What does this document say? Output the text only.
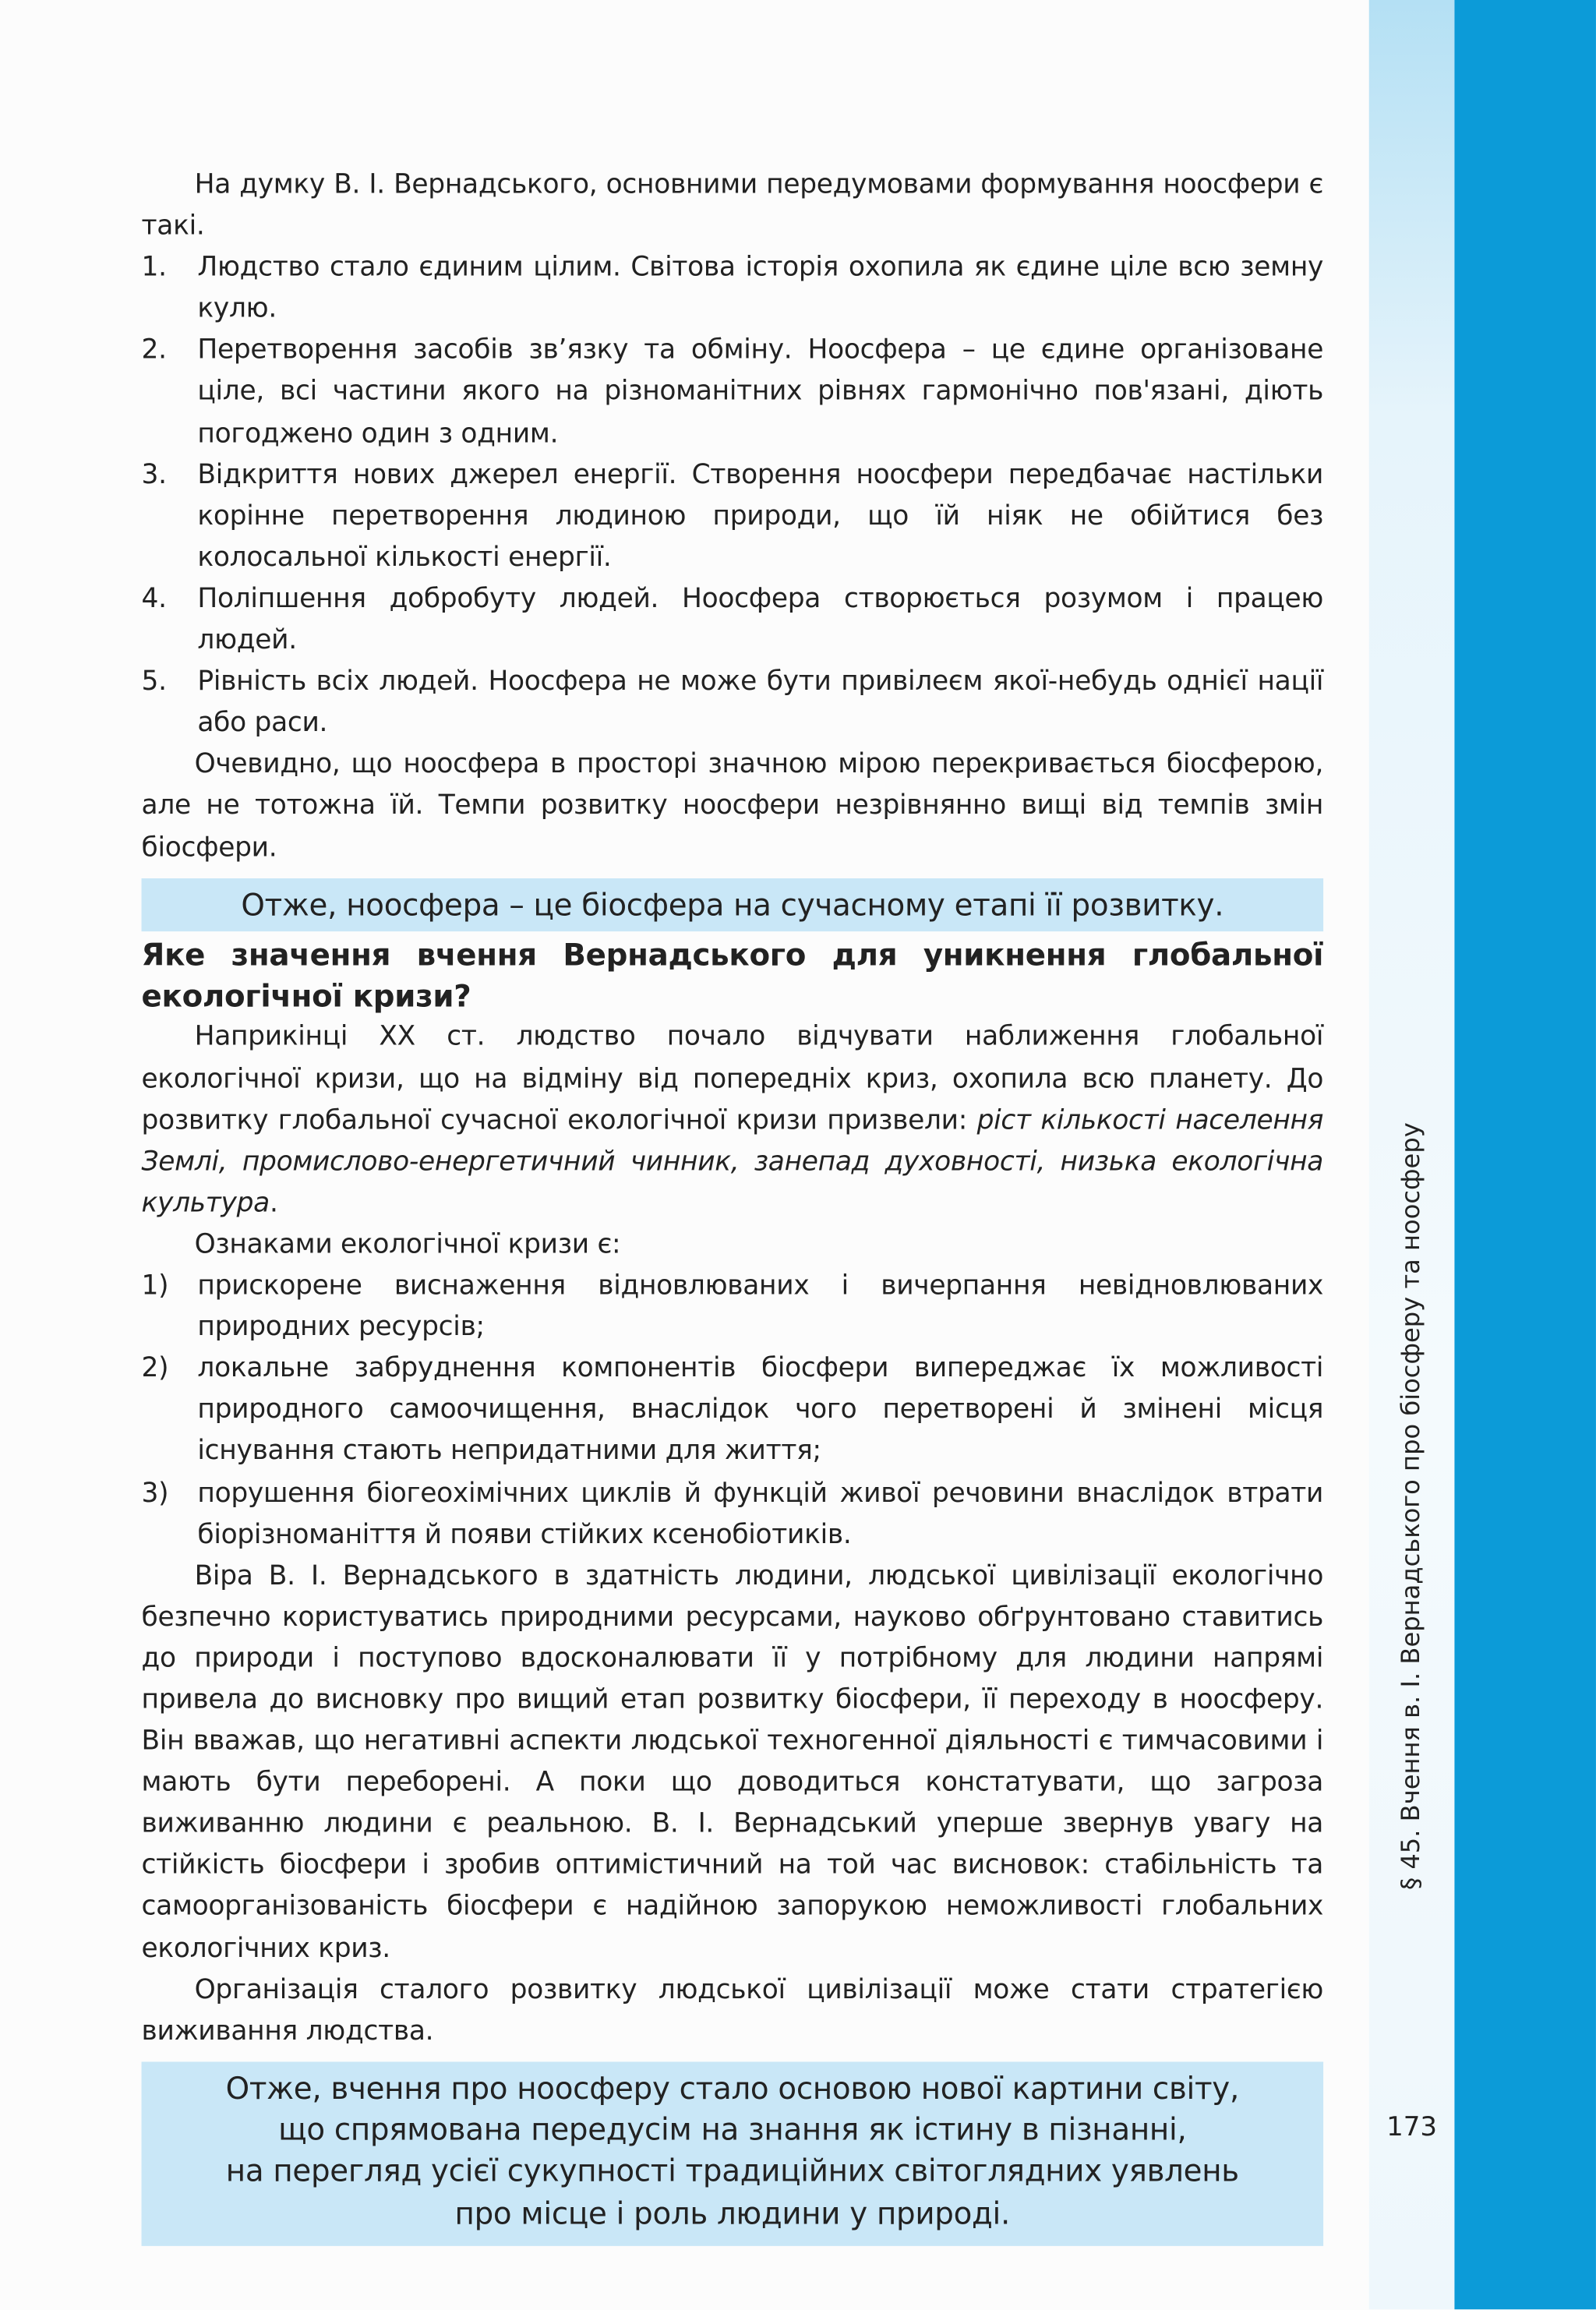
§ 45. Вчення в. І. Вернадського про біосферу та ноосферу
173

На думку В. І. Вернадського, основними передумовами формування ноосфери є такі.

1. Людство стало єдиним цілим. Світова історія охопила як єдине ціле всю земну кулю.
2. Перетворення засобів зв’язку та обміну. Ноосфера – це єдине організоване ціле, всі частини якого на різноманітних рівнях гармонічно пов'язані, діють погоджено один з одним.
3. Відкриття нових джерел енергії. Створення ноосфери передбачає настільки корінне перетворення людиною природи, що їй ніяк не обійтися без колосальної кількості енергії.
4. Поліпшення добробуту людей. Ноосфера створюється розумом і працею людей.
5. Рівність всіх людей. Ноосфера не може бути привілеєм якої-небудь однієї нації або раси.

Очевидно, що ноосфера в просторі значною мірою перекривається біосферою, але не тотожна їй. Темпи розвитку ноосфери незрівнянно вищі від темпів змін біосфери.

Отже, ноосфера – це біосфера на сучасному етапі її розвитку.

Яке значення вчення Вернадського для уникнення глобальної екологічної кризи?

Наприкінці XX ст. людство почало відчувати наближення глобальної екологічної кризи, що на відміну від попередніх криз, охопила всю планету. До розвитку глобальної сучасної екологічної кризи призвели: ріст кількості населення Землі, промислово-енергетичний чинник, занепад духовності, низька екологічна культура.

Ознаками екологічної кризи є:

1) прискорене виснаження відновлюваних і вичерпання невідновлюваних природних ресурсів;
2) локальне забруднення компонентів біосфери випереджає їх можливості природного самоочищення, внаслідок чого перетворені й змінені місця існування стають непридатними для життя;
3) порушення біогеохімічних циклів й функцій живої речовини внаслідок втрати біорізноманіття й появи стійких ксенобіотиків.

Віра В. І. Вернадського в здатність людини, людської цивілізації екологічно безпечно користуватись природними ресурсами, науково обґрунтовано ставитись до природи і поступово вдосконалювати її у потрібному для людини напрямі привела до висновку про вищий етап розвитку біосфери, її переходу в ноосферу. Він вважав, що негативні аспекти людської техногенної діяльності є тимчасовими і мають бути переборені. А поки що доводиться констатувати, що загроза виживанню людини є реальною. В. І. Вернадський уперше звернув увагу на стійкість біосфери і зробив оптимістичний на той час висновок: стабільність та самоорганізованість біосфери є надійною запорукою неможливості глобальних екологічних криз.

Організація сталого розвитку людської цивілізації може стати стратегією виживання людства.

Отже, вчення про ноосферу стало основою нової картини світу,
що спрямована передусім на знання як істину в пізнанні,
на перегляд усієї сукупності традиційних світоглядних уявлень
про місце і роль людини у природі.
